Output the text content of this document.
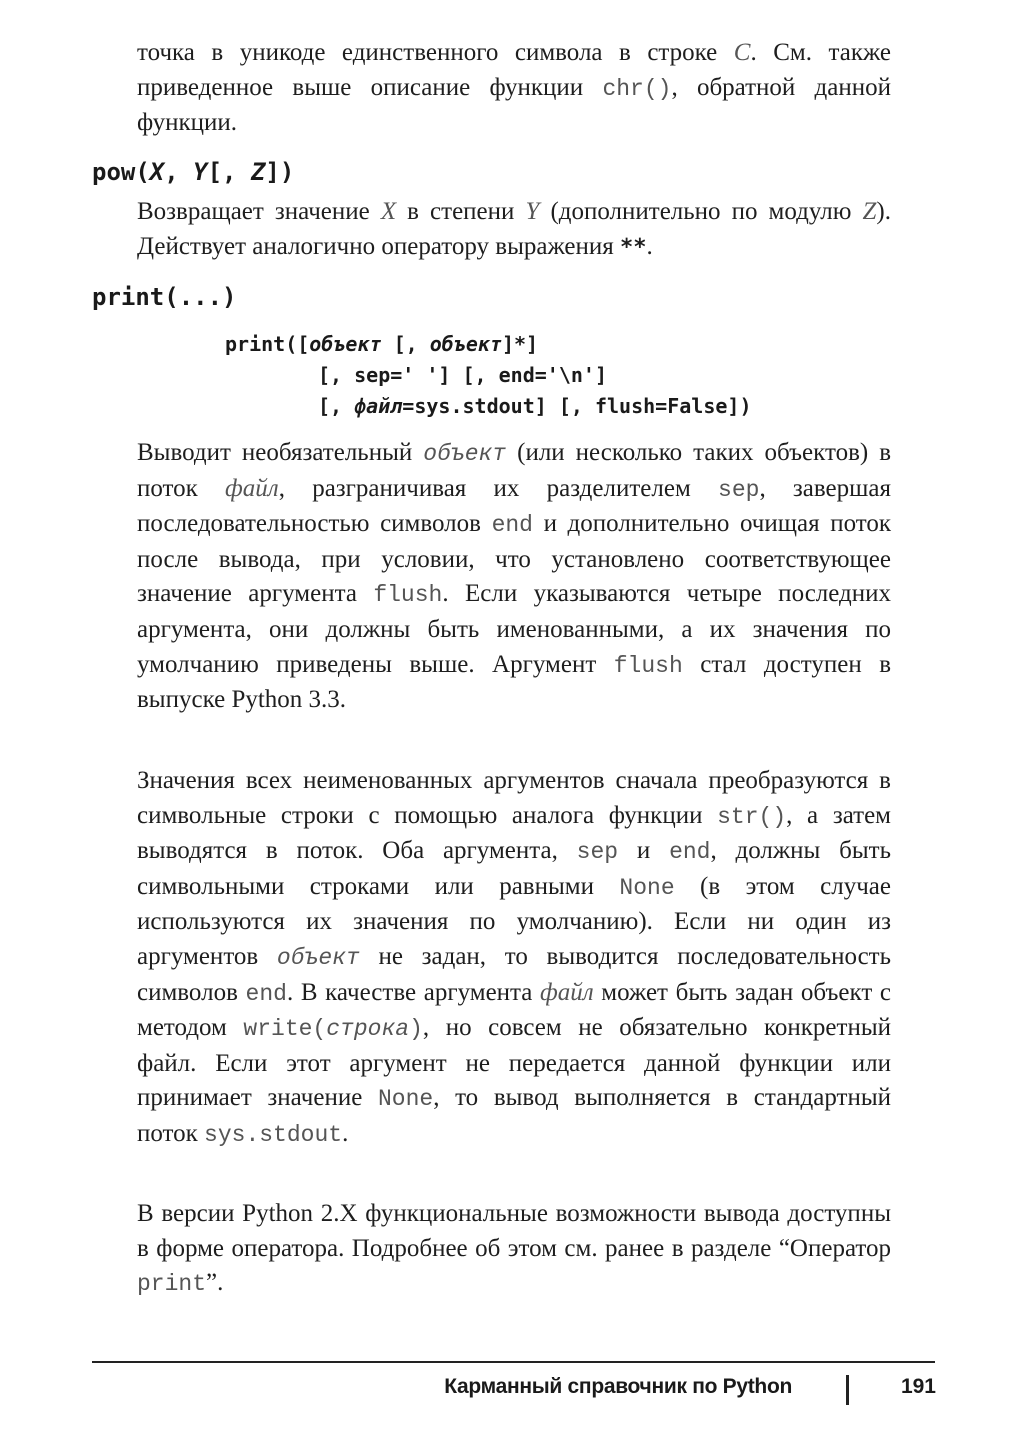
точка в уникоде единственного символа в строке C. См. также приведенное выше описание функции chr(), обратной данной функции.

pow(X, Y[, Z])

Возвращает значение X в степени Y (дополнительно по модулю Z). Действует аналогично оператору выражения **.

print(...)
print([объект [, объект]*]
[, sep=' '] [, end='\n']
[, файл=sys.stdout] [, flush=False])

Выводит необязательный объект (или несколько таких объектов) в поток файл, разграничивая их разделителем sep, завершая последовательностью символов end и дополнительно очищая поток после вывода, при условии, что установлено соответствующее значение аргумента flush. Если указываются четыре последних аргумента, они должны быть именованными, а их значения по умолчанию приведены выше. Аргумент flush стал доступен в выпуске Python 3.3.

Значения всех неименованных аргументов сначала преобразуются в символьные строки с помощью аналога функции str(), а затем выводятся в поток. Оба аргумента, sep и end, должны быть символьными строками или равными None (в этом случае используются их значения по умолчанию). Если ни один из аргументов объект не задан, то выводится последовательность символов end. В качестве аргумента файл может быть задан объект с методом write(строка), но совсем не обязательно конкретный файл. Если этот аргумент не передается данной функции или принимает значение None, то вывод выполняется в стандартный поток sys.stdout.

В версии Python 2.X функциональные возможности вывода доступны в форме оператора. Подробнее об этом см. ранее в разделе “Оператор print”.

Карманный справочник по Python	191
